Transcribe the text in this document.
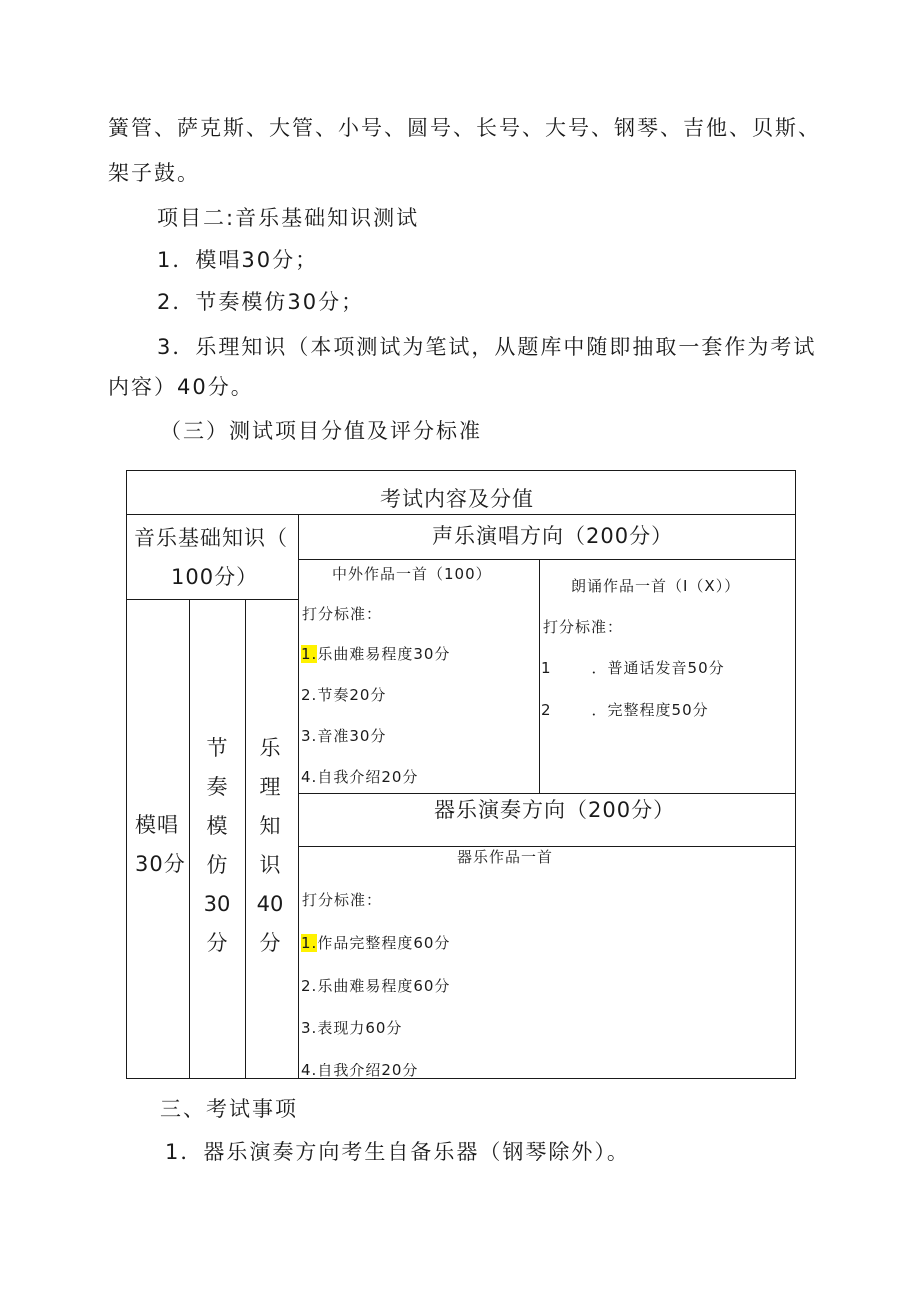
簧管、萨克斯、大管、小号、圆号、长号、大号、钢琴、吉他、贝斯、
架子鼓。
项目二:音乐基础知识测试
1．模唱30分；
2．节奏模仿30分；
3．乐理知识（本项测试为笔试，从题库中随即抽取一套作为考试
内容）40分。
（三）测试项目分值及评分标准
考试内容及分值
音乐基础知识（
100分）
声乐演唱方向（200分）
中外作品一首（100）
打分标准：
1.乐曲难易程度30分
2.节奏20分
3.音准30分
4.自我介绍20分
朗诵作品一首（I（X））
打分标准：
1	．普通话发音50分
2	．完整程度50分
模唱
30分
节奏模仿30分
乐理知识40分
器乐演奏方向（200分）
器乐作品一首
打分标准：
1.作品完整程度60分
2.乐曲难易程度60分
3.表现力60分
4.自我介绍20分
三、考试事项
1．器乐演奏方向考生自备乐器（钢琴除外）。
